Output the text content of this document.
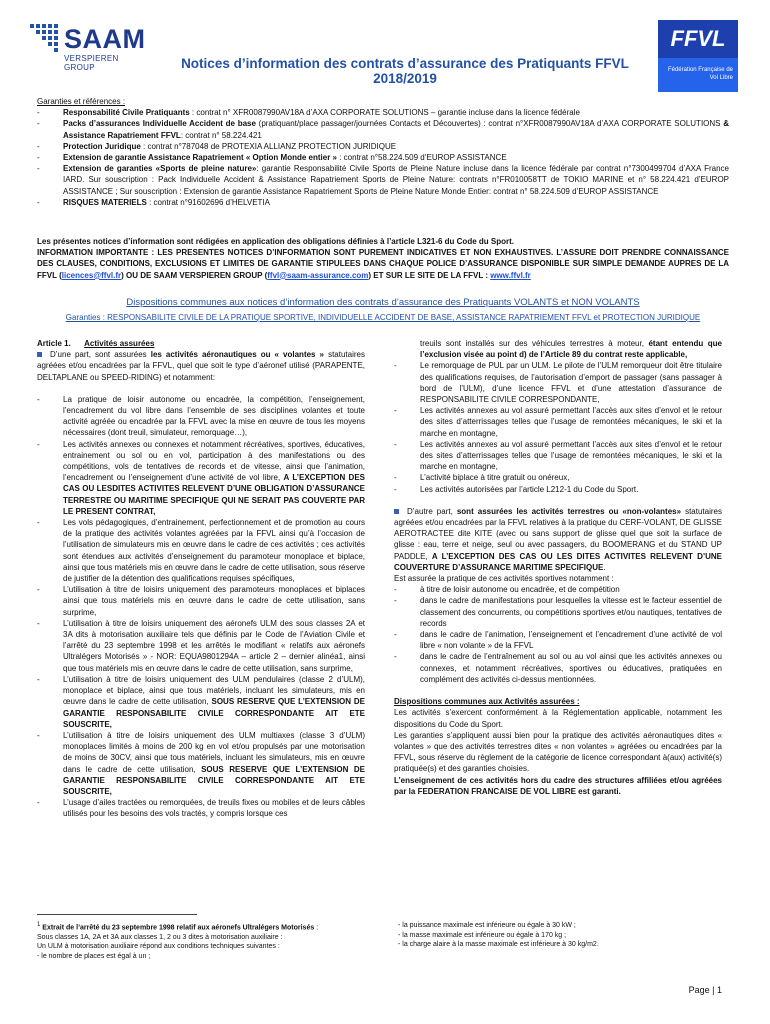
SAAM
VERSPIEREN GROUP
FFVL
Fédération Française de Vol Libre
Notices d’information des contrats d’assurance des Pratiquants FFVL 2018/2019
Garanties et références :
- Responsabilité Civile Pratiquants : contrat n° XFR0087990AV18A d’AXA CORPORATE SOLUTIONS – garantie incluse dans la licence fédérale
- Packs d’assurances Individuelle Accident de base (pratiquant/place passager/journées Contacts et Découvertes) : contrat n°XFR0087990AV18A d’AXA CORPORATE SOLUTIONS & Assistance Rapatriement FFVL: contrat n° 58.224.421
- Protection Juridique : contrat n°787048 de PROTEXIA ALLIANZ PROTECTION JURIDIQUE
- Extension de garantie Assistance Rapatriement « Option Monde entier » : contrat n°58.224.509 d’EUROP ASSISTANCE
- Extension de garanties «Sports de pleine nature»: garantie Responsabilité Civile Sports de Pleine Nature incluse dans la licence fédérale par contrat n°7300499704 d’AXA France IARD. Sur souscription : Pack Individuelle Accident & Assistance Rapatriement Sports de Pleine Nature: contrats n°FR010058TT de TOKIO MARINE et n° 58.224.421 d’EUROP ASSISTANCE ; Sur souscription : Extension de garantie Assistance Rapatriement Sports de Pleine Nature Monde Entier: contrat n° 58.224.509 d’EUROP ASSISTANCE
- RISQUES MATERIELS : contrat n°91602696 d’HELVETIA
Les présentes notices d’information sont rédigées en application des obligations définies à l’article L321-6 du Code du Sport.
INFORMATION IMPORTANTE : LES PRESENTES NOTICES D’INFORMATION SONT PUREMENT INDICATIVES ET NON EXHAUSTIVES. L’ASSURE DOIT PRENDRE CONNAISSANCE DES CLAUSES, CONDITIONS, EXCLUSIONS ET LIMITES DE GARANTIE STIPULEES DANS CHAQUE POLICE D’ASSURANCE DISPONIBLE SUR SIMPLE DEMANDE AUPRES DE LA FFVL (licences@ffvl.fr) OU DE SAAM VERSPIEREN GROUP (ffvl@saam-assurance.com) ET SUR LE SITE DE LA FFVL : www.ffvl.fr
Dispositions communes aux notices d’information des contrats d’assurance des Pratiquants VOLANTS et NON VOLANTS
Garanties : RESPONSABILITE CIVILE DE LA PRATIQUE SPORTIVE, INDIVIDUELLE ACCIDENT DE BASE, ASSISTANCE RAPATRIEMENT FFVL et PROTECTION JURIDIQUE

Article 1. Activités assurées

D’une part, sont assurées les activités aéronautiques ou « volantes » statutaires agréées et/ou encadrées par la FFVL, quel que soit le type d’aéronef utilisé (PARAPENTE, DELTAPLANE ou SPEED-RIDING) et notamment:

- La pratique de loisir autonome ou encadrée, la compétition, l’enseignement, l’encadrement du vol libre dans l’ensemble de ses disciplines volantes et toute activité agréée ou encadrée par la FFVL avec la mise en œuvre de tous les moyens nécessaires (dont treuil, simulateur, remorquage…),

- Les activités annexes ou connexes et notamment récréatives, sportives, éducatives, entrainement ou sol ou en vol, participation à des manifestations ou des compétitions, vols de tentatives de records et de vitesse, ainsi que l’animation, l’encadrement ou l’enseignement d’une activité de vol libre, A L’EXCEPTION DES CAS OU LESDITES ACTIVITES RELEVENT D’UNE OBLIGATION D’ASSURANCE TERRESTRE OU MARITIME SPECIFIQUE QUI NE SERAIT PAS COUVERTE PAR LE PRESENT CONTRAT,

- Les vols pédagogiques, d’entrainement, perfectionnement et de promotion au cours de la pratique des activités volantes agréées par la FFVL ainsi qu’à l’occasion de l’utilisation de simulateurs mis en œuvre dans le cadre de ces activités ; ces activités sont étendues aux activités d’enseignement du paramoteur monoplace et biplace, ainsi que tous matériels mis en œuvre dans le cadre de cette utilisation, sous réserve de justifier de la détention des qualifications requises spécifiques,

- L’utilisation à titre de loisirs uniquement des paramoteurs monoplaces et biplaces ainsi que tous matériels mis en œuvre dans le cadre de cette utilisation, sans surprime,

- L’utilisation à titre de loisirs uniquement des aéronefs ULM des sous classes 2A et 3A dits à motorisation auxiliaire tels que définis par le Code de l’Aviation Civile et l’arrêté du 23 septembre 1998 et les arrêtés le modifiant « relatifs aux aéronefs Ultralégers Motorisés » - NOR: EQUA9801294A – article 2 – dernier alinéa1, ainsi que tous matériels mis en œuvre dans le cadre de cette utilisation, sans surprime,

- L’utilisation à titre de loisirs uniquement des ULM pendulaires (classe 2 d’ULM), monoplace et biplace, ainsi que tous matériels, incluant les simulateurs, mis en œuvre dans le cadre de cette utilisation, SOUS RESERVE QUE L’EXTENSION DE GARANTIE RESPONSABILITE CIVILE CORRESPONDANTE AIT ETE SOUSCRITE,

- L’utilisation à titre de loisirs uniquement des ULM multiaxes (classe 3 d’ULM) monoplaces limités à moins de 200 kg en vol et/ou propulsés par une motorisation de moins de 30CV, ainsi que tous matériels, incluant les simulateurs, mis en œuvre dans le cadre de cette utilisation, SOUS RESERVE QUE L’EXTENSION DE GARANTIE RESPONSABILITE CIVILE CORRESPONDANTE AIT ETE SOUSCRITE,

- L’usage d’ailes tractées ou remorquées, de treuils fixes ou mobiles et de leurs câbles utilisés pour les besoins des vols tractés, y compris lorsque ces

treuils sont installés sur des véhicules terrestres à moteur, étant entendu que l’exclusion visée au point d) de l’Article 89 du contrat reste applicable,

- Le remorquage de PUL par un ULM. Le pilote de l’ULM remorqueur doit être titulaire des qualifications requises, de l’autorisation d’emport de passager (sans passager à bord de l’ULM), d’une licence FFVL et d’une attestation d’assurance de RESPONSABILITE CIVILE CORRESPONDANTE,

- Les activités annexes au vol assuré permettant l’accès aux sites d’envol et le retour des sites d’atterrissages telles que l’usage de remontées mécaniques, le ski et la marche en montagne,

- Les activités annexes au vol assuré permettant l’accès aux sites d’envol et le retour des sites d’atterrissages telles que l’usage de remontées mécaniques, le ski et la marche en montagne,

- L’activité biplace à titre gratuit ou onéreux,

- Les activités autorisées par l’article L212-1 du Code du Sport.

D’autre part, sont assurées les activités terrestres ou «non-volantes» statutaires agréées et/ou encadrées par la FFVL relatives à la pratique du CERF-VOLANT, DE GLISSE AEROTRACTEE dite KITE (avec ou sans support de glisse quel que soit la surface de glisse : eau, terre et neige, seul ou avec passagers, du BOOMERANG et du STAND UP PADDLE, A L’EXCEPTION DES CAS OU LES DITES ACTIVITES RELEVENT D’UNE COUVERTURE D’ASSURANCE MARITIME SPECIFIQUE.

Est assurée la pratique de ces activités sportives notamment :

- à titre de loisir autonome ou encadrée, et de compétition

- dans le cadre de manifestations pour lesquelles la vitesse est le facteur essentiel de classement des concurrents, ou compétitions sportives et/ou nautiques, tentatives de records

- dans le cadre de l’animation, l’enseignement et l’encadrement d’une activité de vol libre « non volante » de la FFVL

- dans le cadre de l’entraînement au sol ou au vol ainsi que les activités annexes ou connexes, et notamment récréatives, sportives ou éducatives, pratiquées en complément des activités ci-dessus mentionnées.

Dispositions communes aux Activités assurées :

Les activités s’exercent conformément à la Réglementation applicable, notamment les dispositions du Code du Sport.

Les garanties s’appliquent aussi bien pour la pratique des activités aéronautiques dites « volantes » que des activités terrestres dites « non volantes » agréées ou encadrées par la FFVL, sous réserve du règlement de la catégorie de licence correspondant à(aux) activité(s) pratiquée(s) et des garanties choisies.

L’enseignement de ces activités hors du cadre des structures affiliées et/ou agréées par la FEDERATION FRANCAISE DE VOL LIBRE est garanti.

$^1$ Extrait de l’arrêté du 23 septembre 1998 relatif aux aéronefs Ultralégers Motorisés :
Sous classes 1A, 2A et 3A aux classes 1, 2 ou 3 dites à motorisation auxiliaire :
Un ULM à motorisation auxiliaire répond aux conditions techniques suivantes :
- le nombre de places est égal à un ;
- la puissance maximale est inférieure ou égale à 30 kW ;
- la masse maximale est inférieure ou égale à 170 kg ;
- la charge alaire à la masse maximale est inférieure à 30 kg/m2.
Page | 1
